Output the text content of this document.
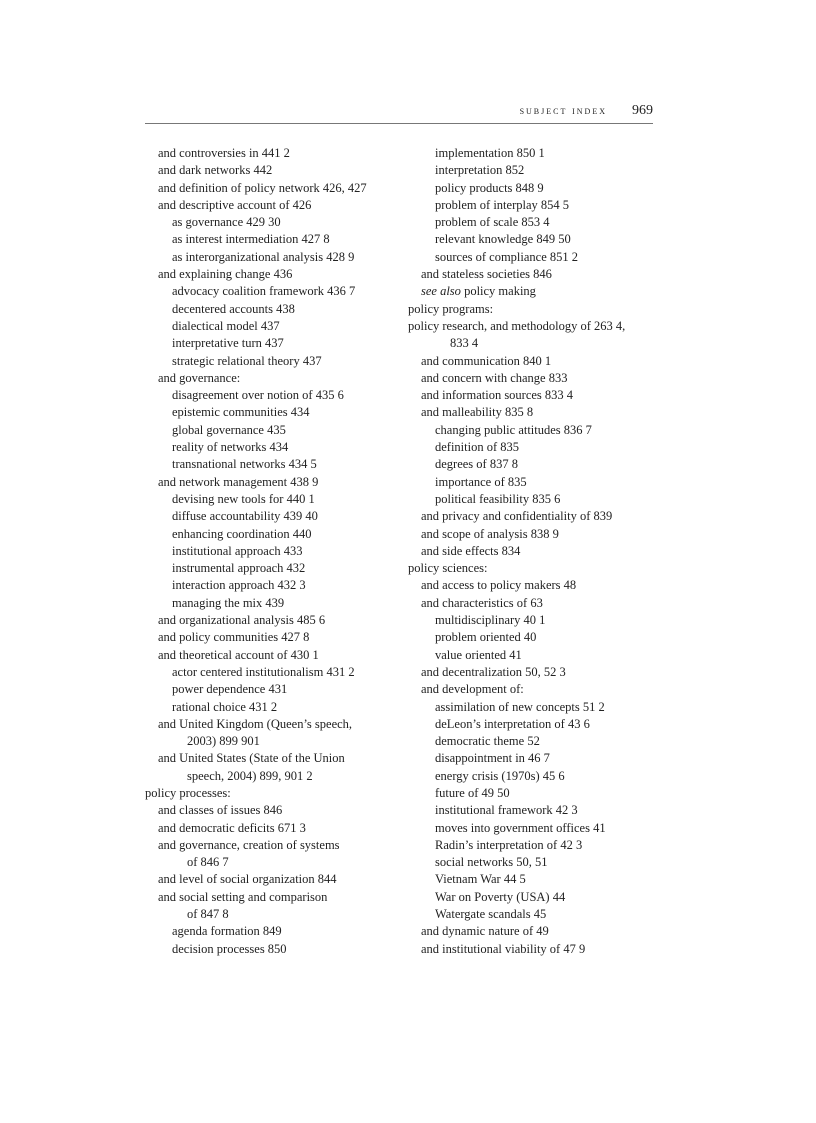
subject index 969
and controversies in 441 2
and dark networks 442
and definition of policy network 426, 427
and descriptive account of 426
as governance 429 30
as interest intermediation 427 8
as interorganizational analysis 428 9
and explaining change 436
advocacy coalition framework 436 7
decentered accounts 438
dialectical model 437
interpretative turn 437
strategic relational theory 437
and governance:
disagreement over notion of 435 6
epistemic communities 434
global governance 435
reality of networks 434
transnational networks 434 5
and network management 438 9
devising new tools for 440 1
diffuse accountability 439 40
enhancing coordination 440
institutional approach 433
instrumental approach 432
interaction approach 432 3
managing the mix 439
and organizational analysis 485 6
and policy communities 427 8
and theoretical account of 430 1
actor centered institutionalism 431 2
power dependence 431
rational choice 431 2
and United Kingdom (Queen’s speech,
2003) 899 901
and United States (State of the Union
speech, 2004) 899, 901 2
policy processes:
and classes of issues 846
and democratic deficits 671 3
and governance, creation of systems
of 846 7
and level of social organization 844
and social setting and comparison
of 847 8
agenda formation 849
decision processes 850
implementation 850 1
interpretation 852
policy products 848 9
problem of interplay 854 5
problem of scale 853 4
relevant knowledge 849 50
sources of compliance 851 2
and stateless societies 846
see also policy making
policy programs:
policy research, and methodology of 263 4,
833 4
and communication 840 1
and concern with change 833
and information sources 833 4
and malleability 835 8
changing public attitudes 836 7
definition of 835
degrees of 837 8
importance of 835
political feasibility 835 6
and privacy and confidentiality of 839
and scope of analysis 838 9
and side effects 834
policy sciences:
and access to policy makers 48
and characteristics of 63
multidisciplinary 40 1
problem oriented 40
value oriented 41
and decentralization 50, 52 3
and development of:
assimilation of new concepts 51 2
deLeon’s interpretation of 43 6
democratic theme 52
disappointment in 46 7
energy crisis (1970s) 45 6
future of 49 50
institutional framework 42 3
moves into government offices 41
Radin’s interpretation of 42 3
social networks 50, 51
Vietnam War 44 5
War on Poverty (USA) 44
Watergate scandals 45
and dynamic nature of 49
and institutional viability of 47 9
